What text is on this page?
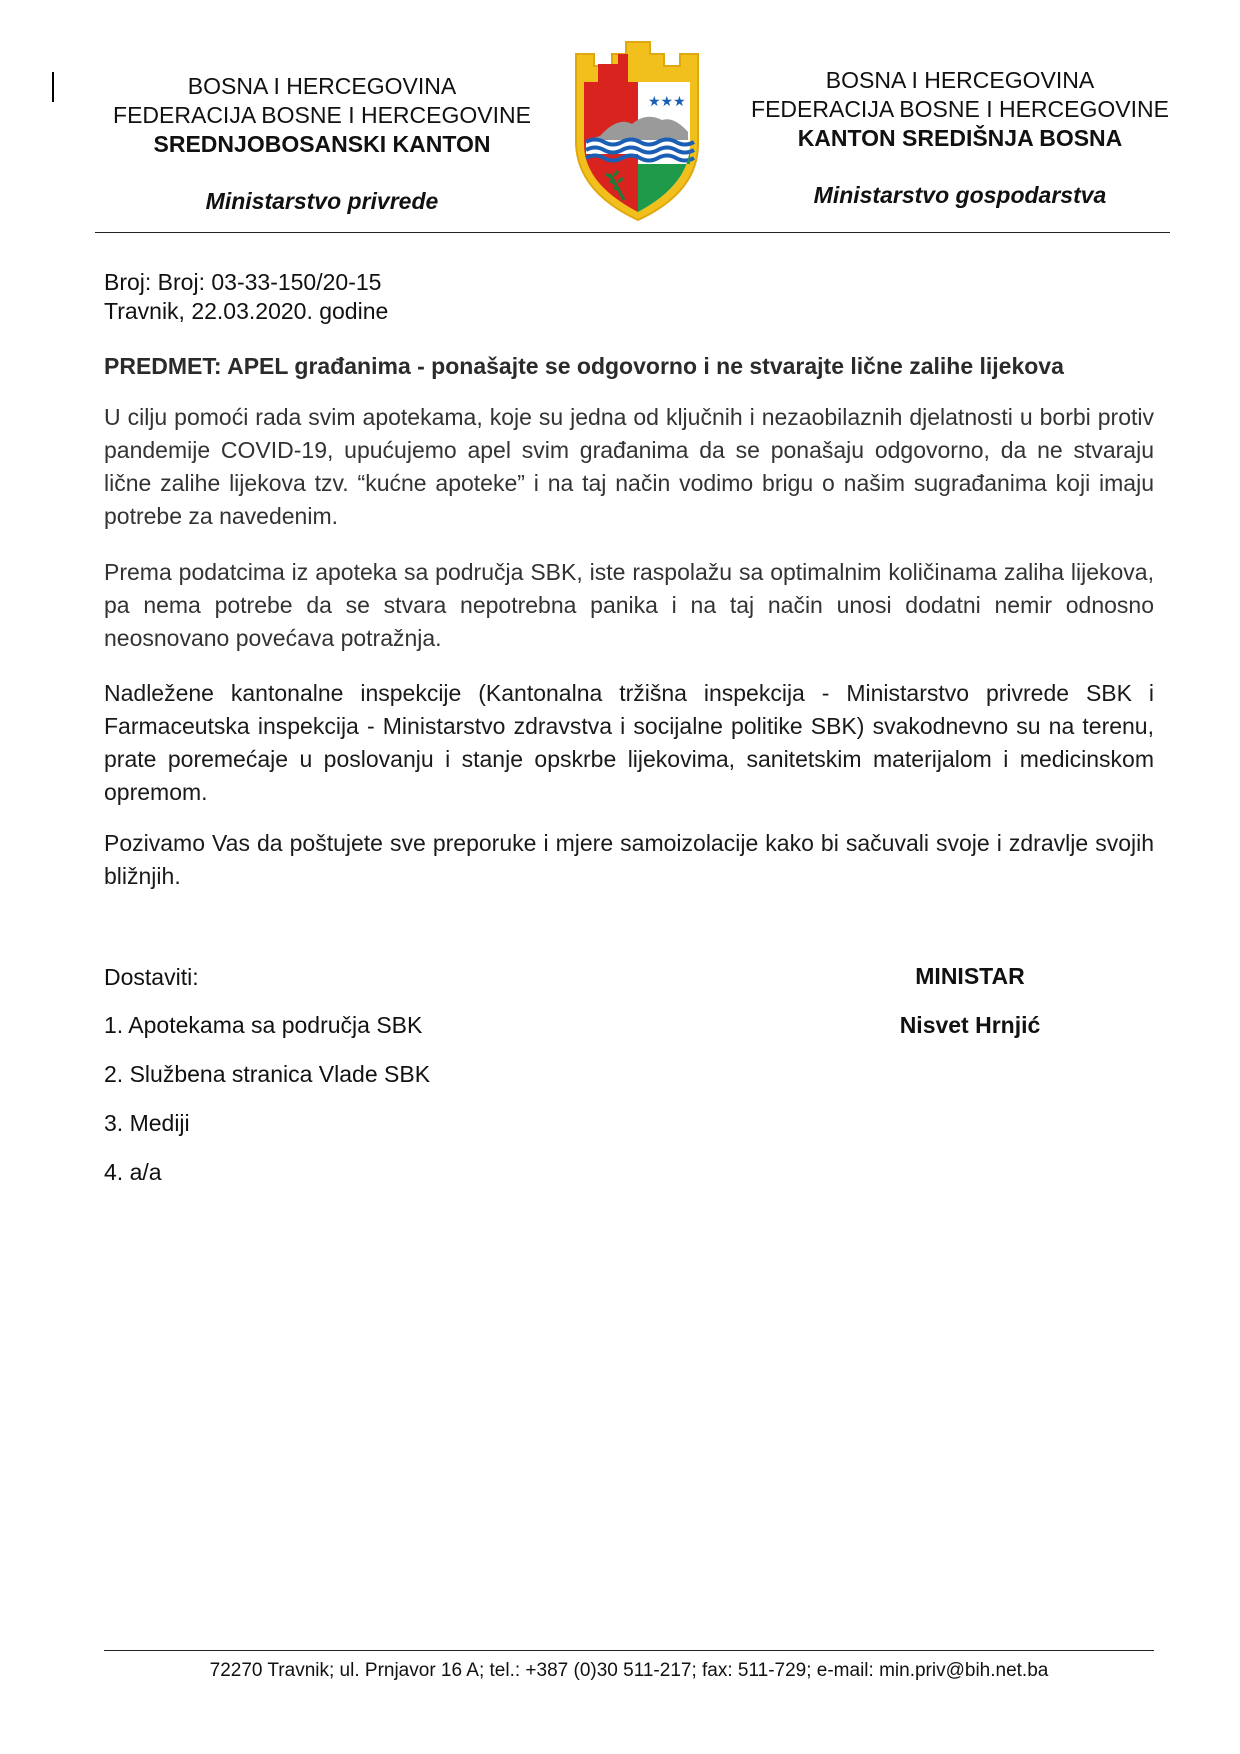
BOSNA I HERCEGOVINA
FEDERACIJA BOSNE I HERCEGOVINE
SREDNJOBOSANSKI KANTON
Ministarstvo privrede
★★★
BOSNA I HERCEGOVINA
FEDERACIJA BOSNE I HERCEGOVINE
KANTON SREDIŠNJA BOSNA
Ministarstvo gospodarstva
Broj: Broj: 03-33-150/20-15
Travnik, 22.03.2020. godine
PREDMET: APEL građanima - ponašajte se odgovorno i ne stvarajte lične zalihe lijekova
U cilju pomoći rada svim apotekama, koje su jedna od ključnih i nezaobilaznih djelatnosti u borbi protiv pandemije COVID-19, upućujemo apel svim građanima da se ponašaju odgovorno, da ne stvaraju lične zalihe lijekova tzv. “kućne apoteke” i na taj način vodimo brigu o našim sugrađanima koji imaju potrebe za navedenim.
Prema podatcima iz apoteka sa područja SBK, iste raspolažu sa optimalnim količinama zaliha lijekova, pa nema potrebe da se stvara nepotrebna panika i na taj način unosi dodatni nemir odnosno neosnovano povećava potražnja.
Nadležene kantonalne inspekcije (Kantonalna tržišna inspekcija - Ministarstvo privrede SBK i Farmaceutska inspekcija - Ministarstvo zdravstva i socijalne politike SBK) svakodnevno su na terenu, prate poremećaje u poslovanju i stanje opskrbe lijekovima, sanitetskim materijalom i medicinskom opremom.
Pozivamo Vas da poštujete sve preporuke i mjere samoizolacije kako bi sačuvali svoje i zdravlje svojih bližnjih.
Dostaviti:
1. Apotekama sa područja SBK
2. Službena stranica Vlade SBK
3. Mediji
4. a/a
MINISTAR
Nisvet Hrnjić
72270 Travnik; ul. Prnjavor 16 A; tel.: +387 (0)30 511-217; fax: 511-729; e-mail: min.priv@bih.net.ba
